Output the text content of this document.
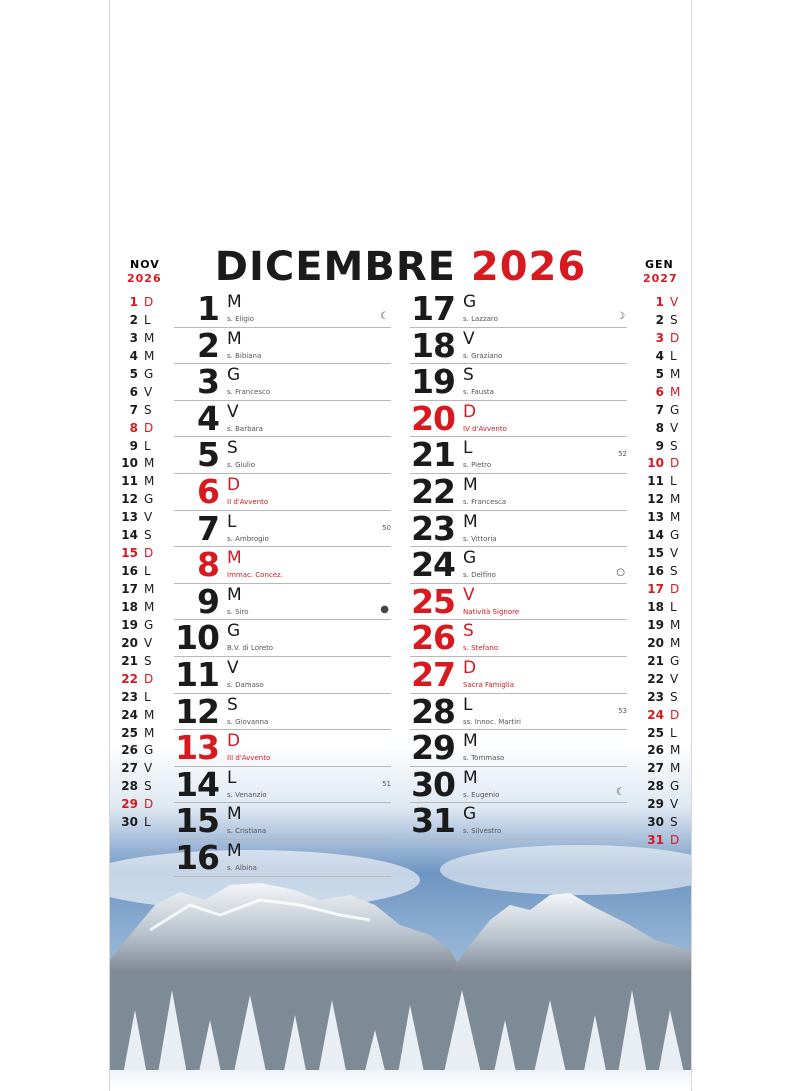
DICEMBRE 2026
1 M
s. Eligio	☾
2 M
s. Bibiana
3 G
s. Francesco
4 V
s. Barbara
5 S
s. Giulio
6 D
II d'Avvento
7 L
s. Ambrogio
50
8 M
Immac. Concez.
9 M
s. Siro	●
10 G
B.V. di Loreto
11 V
s. Damaso
12 S
s. Giovanna
13 D
III d'Avvento
14 L
s. Venanzio
51
15 M
s. Cristiana
16 M
s. Albina
17 G
s. Lazzaro	☽
18 V
s. Graziano
19 S
s. Fausta
20 D
IV d'Avvento
21 L
s. Pietro
52
22 M
s. Francesca
23 M
s. Vittoria
24 G
s. Delfino	○
25 V
Natività Signore
26 S
s. Stefano
27 D
Sacra Famiglia
28 L
ss. Innoc. Martiri
53
29 M
s. Tommaso
30 M
s. Eugenio	☾
31 G
s. Silvestro
NOV
2026
1 D
2 L
3 M
4 M
5 G
6 V
7 S
8 D
9 L
10 M
11 M
12 G
13 V
14 S
15 D
16 L
17 M
18 M
19 G
20 V
21 S
22 D
23 L
24 M
25 M
26 G
27 V
28 S
29 D
30 L
GEN
2027
1 V
2 S
3 D
4 L
5 M
6 M
7 G
8 V
9 S
10 D
11 L
12 M
13 M
14 G
15 V
16 S
17 D
18 L
19 M
20 M
21 G
22 V
23 S
24 D
25 L
26 M
27 M
28 G
29 V
30 S
31 D
